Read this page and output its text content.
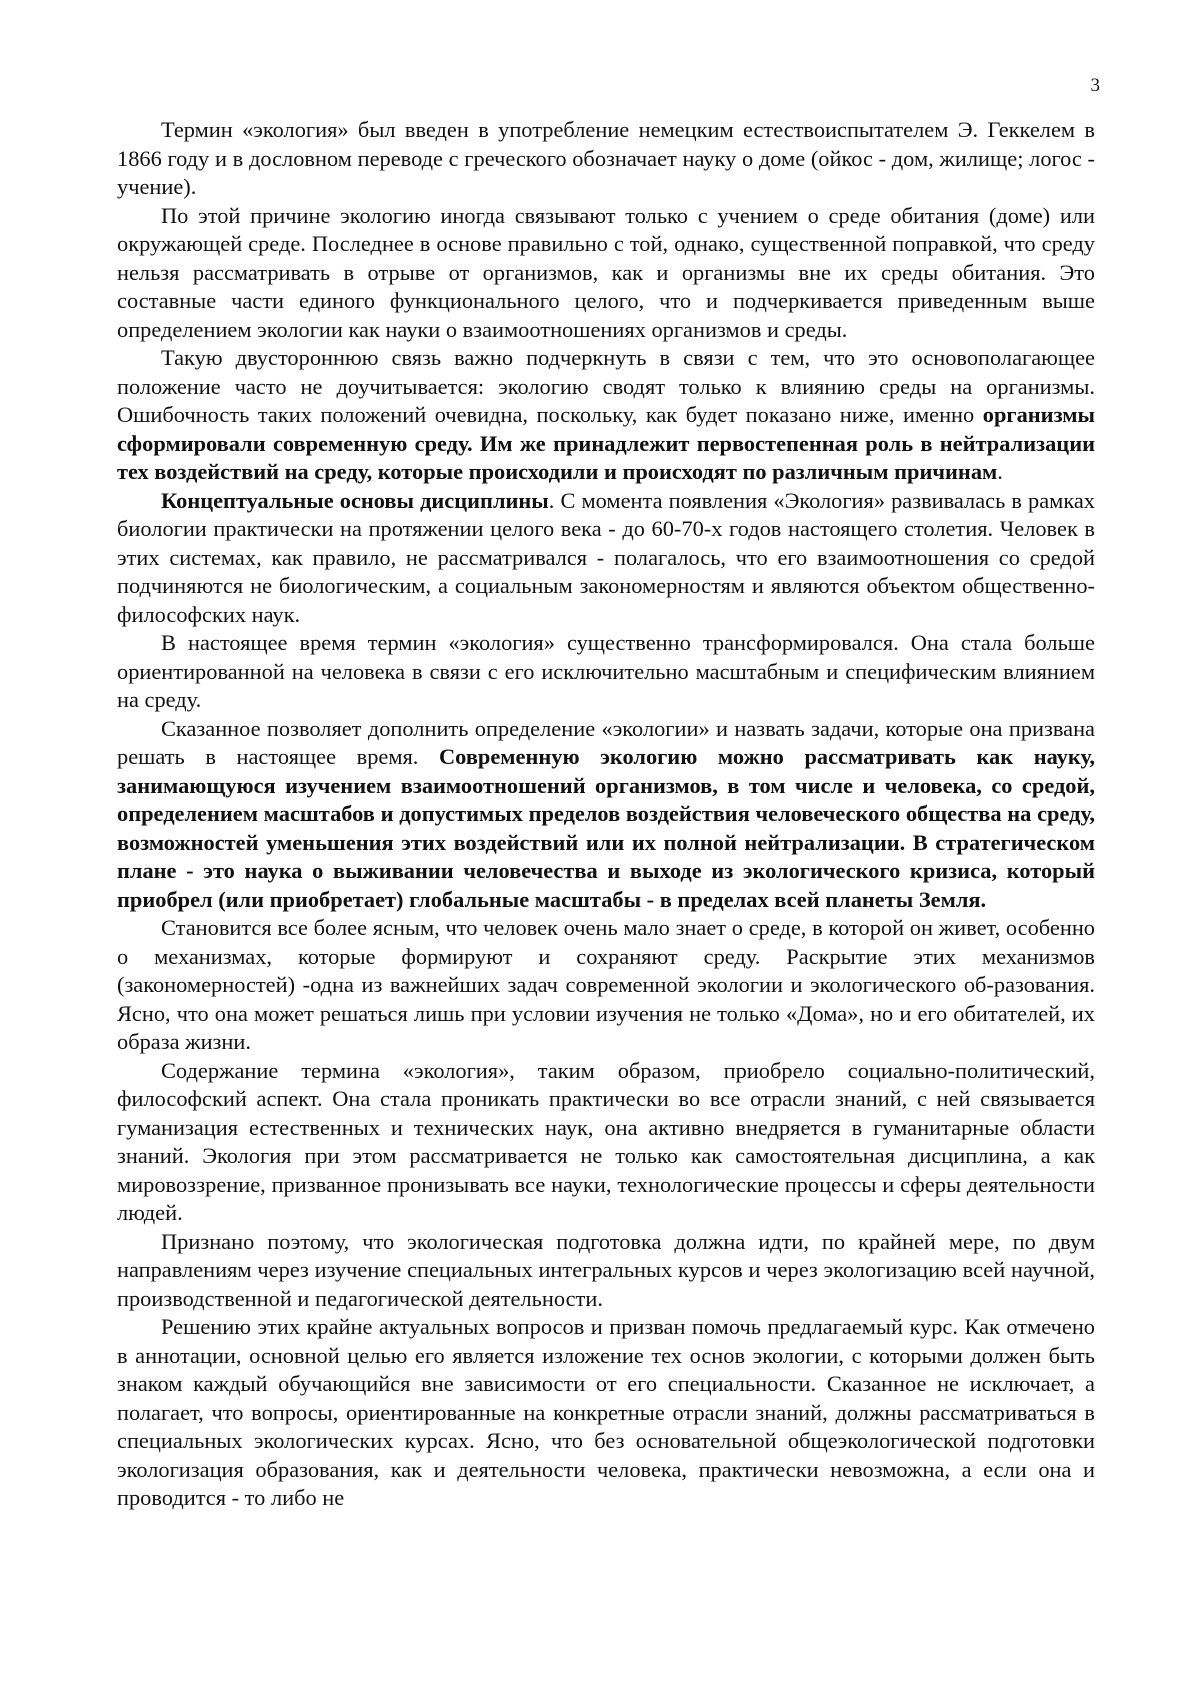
3

Термин «экология» был введен в употребление немецким естествоиспытателем Э. Геккелем в 1866 году и в дословном переводе с греческого обозначает науку о доме (ойкос - дом, жилище; логос - учение).

По этой причине экологию иногда связывают только с учением о среде обитания (доме) или окружающей среде. Последнее в основе правильно с той, однако, существенной поправкой, что среду нельзя рассматривать в отрыве от организмов, как и организмы вне их среды обитания. Это составные части единого функционального целого, что и подчеркивается приведенным выше определением экологии как науки о взаимоотношениях организмов и среды.

Такую двустороннюю связь важно подчеркнуть в связи с тем, что это основополагающее положение часто не доучитывается: экологию сводят только к влиянию среды на организмы. Ошибочность таких положений очевидна, поскольку, как будет показано ниже, именно организмы сформировали современную среду. Им же принадлежит первостепенная роль в нейтрализации тех воздействий на среду, которые происходили и происходят по различным причинам.

Концептуальные основы дисциплины. С момента появления «Экология» развивалась в рамках биологии практически на протяжении целого века - до 60-70-х годов настоящего столетия. Человек в этих системах, как правило, не рассматривался - полагалось, что его взаимоотношения со средой подчиняются не биологическим, а социальным закономерностям и являются объектом общественно-философских наук.

В настоящее время термин «экология» существенно трансформировался. Она стала больше ориентированной на человека в связи с его исключительно масштабным и специфическим влиянием на среду.

Сказанное позволяет дополнить определение «экологии» и назвать задачи, которые она призвана решать в настоящее время. Современную экологию можно рассматривать как науку, занимающуюся изучением взаимоотношений организмов, в том числе и человека, со средой, определением масштабов и допустимых пределов воздействия человеческого общества на среду, возможностей уменьшения этих воздействий или их полной нейтрализации. В стратегическом плане - это наука о выживании человечества и выходе из экологического кризиса, который приобрел (или приобретает) глобальные масштабы - в пределах всей планеты Земля.

Становится все более ясным, что человек очень мало знает о среде, в которой он живет, особенно о механизмах, которые формируют и сохраняют среду. Раскрытие этих механизмов (закономерностей) -одна из важнейших задач современной экологии и экологического об-разования. Ясно, что она может решаться лишь при условии изучения не только «Дома», но и его обитателей, их образа жизни.

Содержание термина «экология», таким образом, приобрело социально-политический, философский аспект. Она стала проникать практически во все отрасли знаний, с ней связывается гуманизация естественных и технических наук, она активно внедряется в гуманитарные области знаний. Экология при этом рассматривается не только как самостоятельная дисциплина, а как мировоззрение, призванное пронизывать все науки, технологические процессы и сферы деятельности людей.

Признано поэтому, что экологическая подготовка должна идти, по крайней мере, по двум направлениям через изучение специальных интегральных курсов и через экологизацию всей научной, производственной и педагогической деятельности.

Решению этих крайне актуальных вопросов и призван помочь предлагаемый курс. Как отмечено в аннотации, основной целью его является изложение тех основ экологии, с которыми должен быть знаком каждый обучающийся вне зависимости от его специальности. Сказанное не исключает, а полагает, что вопросы, ориентированные на конкретные отрасли знаний, должны рассматриваться в специальных экологических курсах. Ясно, что без основательной общеэкологической подготовки экологизация образования, как и деятельности человека, практически невозможна, а если она и проводится - то либо не
